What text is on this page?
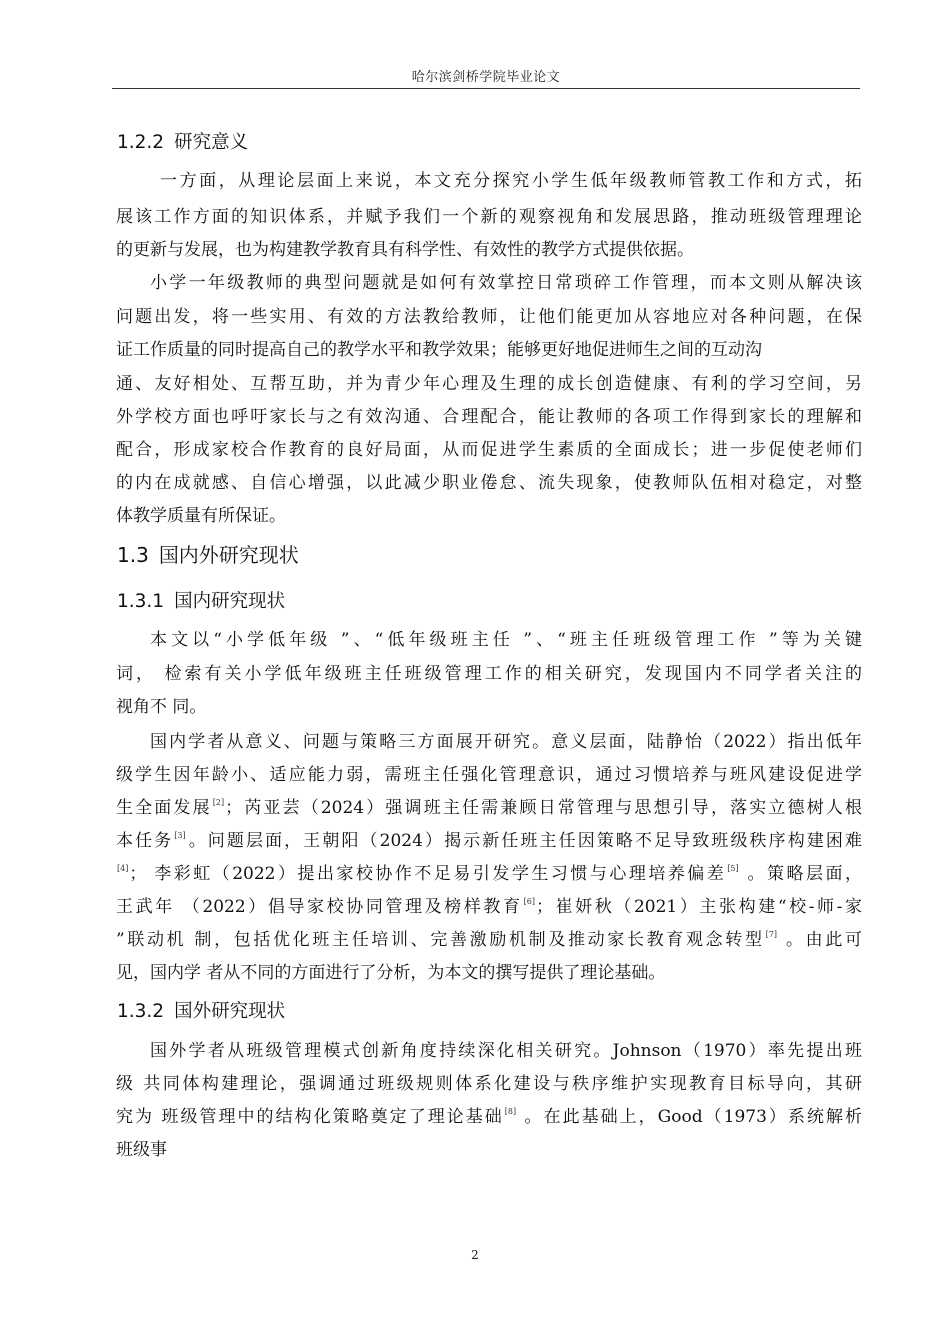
哈尔滨剑桥学院毕业论文
1.2.2 研究意义
一方面，从理论层面上来说，本文充分探究小学生低年级教师管教工作和方式，拓
展该工作方面的知识体系，并赋予我们一个新的观察视角和发展思路，推动班级管理理论
的更新与发展，也为构建教学教育具有科学性、有效性的教学方式提供依据。
小学一年级教师的典型问题就是如何有效掌控日常琐碎工作管理，而本文则从解决该
问题出发，将一些实用、有效的方法教给教师，让他们能更加从容地应对各种问题，在保
证工作质量的同时提高自己的教学水平和教学效果；能够更好地促进师生之间的互动沟
通、友好相处、互帮互助，并为青少年心理及生理的成长创造健康、有利的学习空间，另
外学校方面也呼吁家长与之有效沟通、合理配合，能让教师的各项工作得到家长的理解和
配合，形成家校合作教育的良好局面，从而促进学生素质的全面成长；进一步促使老师们
的内在成就感、自信心增强，以此减少职业倦怠、流失现象，使教师队伍相对稳定，对整
体教学质量有所保证。
1.3 国内外研究现状
1.3.1 国内研究现状
本文以“小学低年级 ”、“低年级班主任 ”、“班主任班级管理工作 ”等为关键
词， 检索有关小学低年级班主任班级管理工作的相关研究，发现国内不同学者关注的
视角不 同。
国内学者从意义、问题与策略三方面展开研究。意义层面，陆静怡（2022）指出低年
级学生因年龄小、适应能力弱，需班主任强化管理意识，通过习惯培养与班风建设促进学
生全面发展[2]；芮亚芸（2024）强调班主任需兼顾日常管理与思想引导，落实立德树人根
本任务[3]。问题层面，王朝阳（2024）揭示新任班主任因策略不足导致班级秩序构建困难
[4]； 李彩虹（2022）提出家校协作不足易引发学生习惯与心理培养偏差[5] 。策略层面，
王武年 （2022）倡导家校协同管理及榜样教育[6]；崔妍秋（2021）主张构建“校-师-家
”联动机 制，包括优化班主任培训、完善激励机制及推动家长教育观念转型[7] 。由此可
见，国内学 者从不同的方面进行了分析，为本文的撰写提供了理论基础。
1.3.2 国外研究现状
国外学者从班级管理模式创新角度持续深化相关研究。Johnson（1970）率先提出班
级 共同体构建理论，强调通过班级规则体系化建设与秩序维护实现教育目标导向，其研
究为 班级管理中的结构化策略奠定了理论基础[8] 。在此基础上，Good（1973）系统解析
班级事
2
